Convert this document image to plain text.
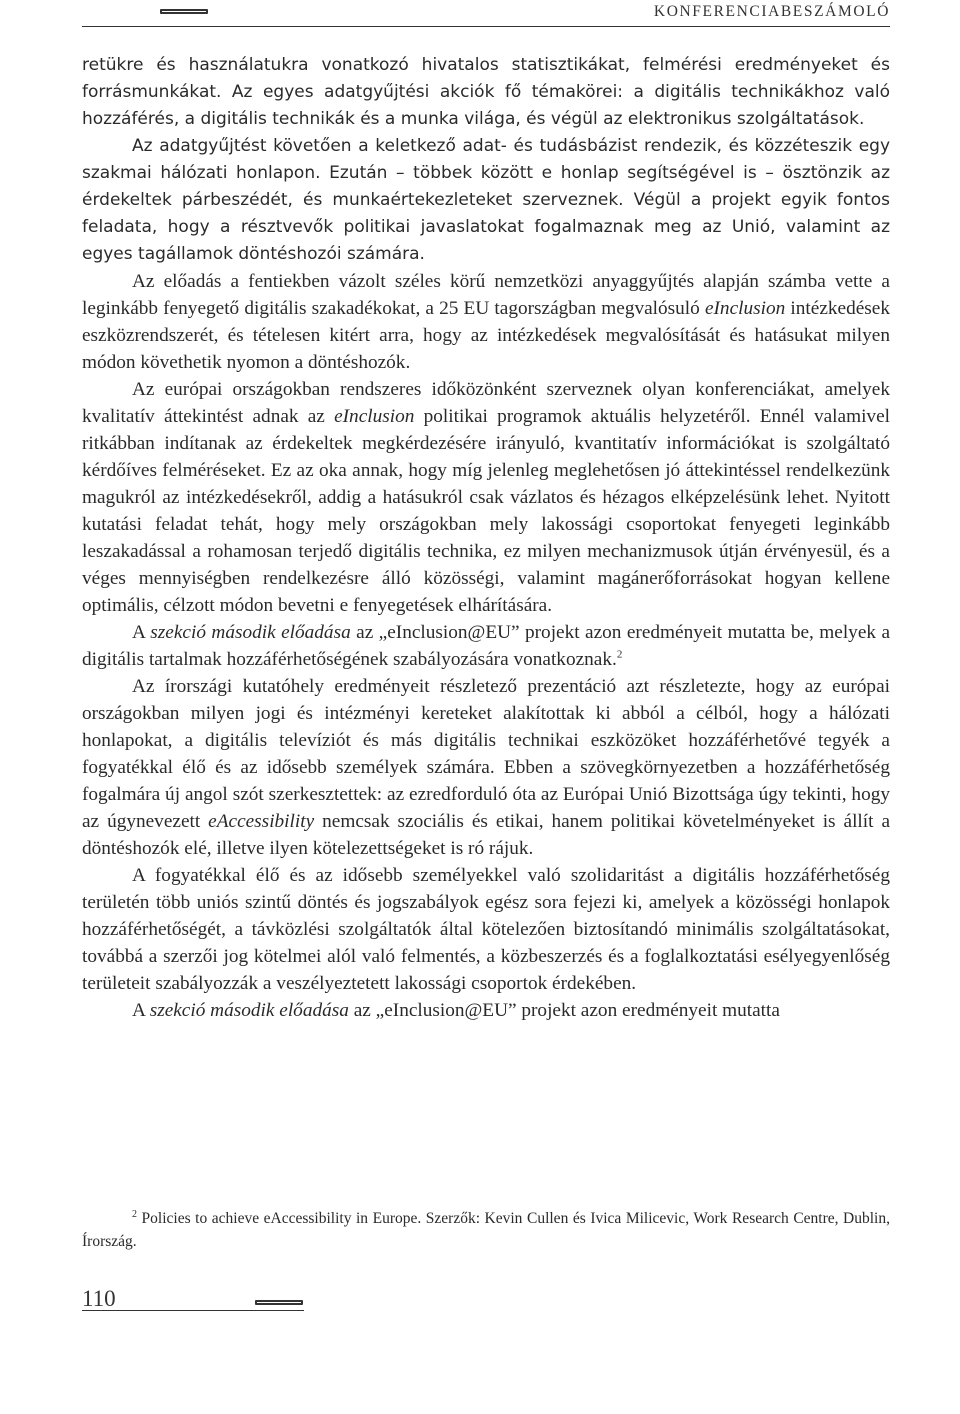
KONFERENCIABESZÁMOLÓ

retükre és használatukra vonatkozó hivatalos statisztikákat, felmérési eredményeket és forrásmunkákat. Az egyes adatgyűjtési akciók fő témakörei: a digitális technikákhoz való hozzáférés, a digitális technikák és a munka világa, és végül az elektronikus szolgáltatások.

Az adatgyűjtést követően a keletkező adat- és tudásbázist rendezik, és közzéteszik egy szakmai hálózati honlapon. Ezután – többek között e honlap segítségével is – ösztönzik az érdekeltek párbeszédét, és munkaértekezleteket szerveznek. Végül a projekt egyik fontos feladata, hogy a résztvevők politikai javaslatokat fogalmaznak meg az Unió, valamint az egyes tagállamok döntéshozói számára.

Az előadás a fentiekben vázolt széles körű nemzetközi anyaggyűjtés alapján számba vette a leginkább fenyegető digitális szakadékokat, a 25 EU tagországban megvalósuló eInclusion intézkedések eszközrendszerét, és tételesen kitért arra, hogy az intézkedések megvalósítását és hatásukat milyen módon követhetik nyomon a döntéshozók.

Az európai országokban rendszeres időközönként szerveznek olyan konferenciákat, amelyek kvalitatív áttekintést adnak az eInclusion politikai programok aktuális helyzetéről. Ennél valamivel ritkábban indítanak az érdekeltek megkérdezésére irányuló, kvantitatív információkat is szolgáltató kérdőíves felméréseket. Ez az oka annak, hogy míg jelenleg meglehetősen jó áttekintéssel rendelkezünk magukról az intézkedésekről, addig a hatásukról csak vázlatos és hézagos elképzelésünk lehet. Nyitott kutatási feladat tehát, hogy mely országokban mely lakossági csoportokat fenyegeti leginkább leszakadással a rohamosan terjedő digitális technika, ez milyen mechanizmusok útján érvényesül, és a véges mennyiségben rendelkezésre álló közösségi, valamint magánerőforrásokat hogyan kellene optimális, célzott módon bevetni e fenyegetések elhárítására.

A szekció második előadása az „eInclusion@EU” projekt azon eredményeit mutatta be, melyek a digitális tartalmak hozzáférhetőségének szabályozására vonatkoznak.$^2$

Az írországi kutatóhely eredményeit részletező prezentáció azt részletezte, hogy az európai országokban milyen jogi és intézményi kereteket alakítottak ki abból a célból, hogy a hálózati honlapokat, a digitális televíziót és más digitális technikai eszközöket hozzáférhetővé tegyék a fogyatékkal élő és az idősebb személyek számára. Ebben a szövegkörnyezetben a hozzáférhetőség fogalmára új angol szót szerkesztettek: az ezredforduló óta az Európai Unió Bizottsága úgy tekinti, hogy az úgynevezett eAccessibility nemcsak szociális és etikai, hanem politikai követelményeket is állít a döntéshozók elé, illetve ilyen kötelezettségeket is ró rájuk.

A fogyatékkal élő és az idősebb személyekkel való szolidaritást a digitális hozzáférhetőség területén több uniós szintű döntés és jogszabályok egész sora fejezi ki, amelyek a közösségi honlapok hozzáférhetőségét, a távközlési szolgáltatók által kötelezően biztosítandó minimális szolgáltatásokat, továbbá a szerzői jog kötelmei alól való felmentés, a közbeszerzés és a foglalkoztatási esélyegyenlőség területeit szabályozzák a veszélyeztetett lakossági csoportok érdekében.

A szekció második előadása az „eInclusion@EU” projekt azon eredményeit mutatta

$^2$ Policies to achieve eAccessibility in Europe. Szerzők: Kevin Cullen és Ivica Milicevic, Work Research Centre, Dublin, Írország.

110
